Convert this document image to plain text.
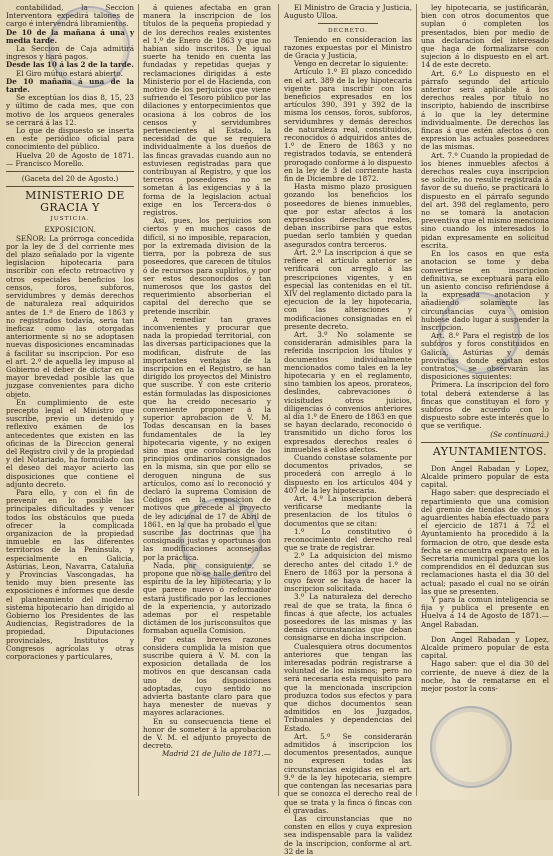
contabilidad, la Seccion Interventora expedirá talones de cargo é intervendrá libramientos.

De 10 de la mañana á una y media tarde.

La Seccion de Caja admitirá ingresos y hará pagos.

Desde las 10 á las 2 de la tarde.

El Giro mútuo estará abierto.

De 10 mañana á una de la tarde.

Se exceptúan los dias 8, 15, 23 y último de cada mes, que con motivo de los arqueos generales se cerrará á las 12.

Lo que de dispuesto se inserta en este periódico oficial para conocimiento del público.

Huelva 20 de Agosto de 1871. — Francisco Morello.

(Gaceta del 20 de Agosto.)

MINISTERIO DE GRACIA Y

JUSTICIA.

EXPOSICION.

SEÑOR: La prórroga concedida por la ley de 3 del corriente mes del plazo señalado por la vigente legislacion hipotecaria para inscribir con efecto retroactivo y otros especiales beneficios los censos, foros, subforos, servidumbres y demás derechos de naturaleza real adquiridos antes de 1.º de Enero de 1863 y no registrados todavía, seria tan ineficaz como las otorgadas anteriormente si no se adoptasen nuevas disposiciones encaminadas á facilitar su inscripcion. Por eso el art. 2.º de aquella ley impuso al Gobierno el deber de dictar en la mayor brevedad posible las que juzgase convenientes para dicho objeto.

En cumplimiento de este precepto legal el Ministro que suscribe, previo un detenido y reflexivo exámen de los antecedentes que existen en las oficinas de la Direccion general del Registro civil y de la propiedad y del Notariado, ha formulado con el deseo del mayor acierto las disposiciones que contiene el adjunto decreto.

Para ello, y con el fin de prevenir en lo posible las principales dificultades y vencer todos los obstáculos que pueda ofrecer la complicada organizacion de la propiedad inmueble en las diferentes territorios de la Península, y especialmente en Galicia, Astúrias, Leon, Navarra, Cataluña y Provincias Vascongadas, ha tenido muy bien presente las exposiciones é informes que desde el planteamiento del moderno sistema hipotecario han dirigido al Gobierno los Presidentes de las Audiencias, Registradores de la propiedad, Diputaciones provinciales, Institutos y Congresos agrícolas y otras corporaciones y particulares,

á quienes afectaba en gran manera la inscripcion de los títulos de la pequeña propiedad y de los derechos reales existentes el 1.º de Enero de 1863 y que no habian sido inscritos. De igual suerte ha tenido en cuenta las fundadas y repetidas quejas y reclamaciones dirigidas á este Ministerio por el de Hacienda, con motivo de los perjuicios que viene sufriendo el Tesoro público por las dilaciones y entorpecimientos que ocasiona á los cobros de los censos y servidumbres pertenecientes al Estado, la necesidad de que se requiera individualmente á los dueños de las fincas gravadas cuando aun no estuviesen registradas para que contribuyan al Registro, y que los terceros poseedores no se sometan á las exigencias y á la forma de la legislacion actual exige en los Tercera-dos ó registros.

Así, pues, los perjuicios son ciertos y en muchos casos de difícil, si no imposible, reparacion, por la extremada division de la tierra, por la pobreza de sus poseedores, que carecen de títulos ó de recursos para suplirlos, y por ser estos desconocidos ó tan numerosos que los gastos del requerimiento absorberian el capital del derecho que se pretende inscribir.

A remediar tan graves inconvenientes y procurar que nada la propiedad territorial, con las diversas participaciones que la modifican, disfrute de las importantes ventajas de la inscripcion en el Registro, se han dirigido los proyectos del Ministro que suscribe. Y con este criterio están formuladas las disposiciones que ha creido necesario y conveniente proponer á la superior aprobacion de V. M. Todas descansan en la bases fundamentales de la ley hipotecaria vigente, y no exigen sino mas que corolarios de los principios ordinarios consignados en la misma, sin que por ello se deroguen ninguna de sus artículos, como así lo reconoció y declaró la suprema Comision de Códigos en la exposicion de motivos que precede al proyecto de ley adicional de 17 de Abril de 1861, en la que ha probado el que suscribe las doctrinas que ha consignado justas y oportunas con las modificaciones aconsejadas por la práctica.

Nada, por consiguiente, se propone que no se halle dentro del espíritu de la ley hipotecaria; y lo que parece nuevo ó reformador estará justificado por las lecciones de la experiencia, y autorizado ademas por el respetable dictámen de los jurisconsultos que formaban aquella Comision.

Por estas breves razones considera cumplida la mision que suscribe quiera á V. M. con la exposicion detallada de los motivos en que descansan cada uno de los disposiciones adoptadas, cuyo sentido no advierta bastante claro para que haya menester de nuevas y mayores aclaraciones.

En su consecuencia tiene el honor de someter á la aprobacion de V. M. el adjunto proyecto de decreto.

Madrid 21 de Julio de 1871.—

El Ministro de Gracia y Justicia, Augusto Ulloa.

DECRETO.

Teniendo en consideracion las razones expuestas por el Ministro de Gracia y Justicia,

Vengo en decretar lo siguiente:

Artículo 1.º El plazo concedido en el art. 389 de la ley hipotecaria vigente para inscribir con los beneficios expresados en los artículos 390, 391 y 392 de la misma los censos, foros, subforos, servidumbres y demás derechos de naturaleza real, constituidos, reconocidos ó adquiridos antes de 1.º de Enero de 1863 y no registrados todavía, se entenderá prorogado conforme á lo dispuesto en la ley de 3 del corriente hasta fin de Diciembre de 1872.

Hasta mismo plazo prosiguen gozando los beneficios los poseedores de bienes inmuebles, que por estar afectos á los expresados derechos reales, deban inscribirse para que estos puedan serlo también y quedan asegurados contra terceros.

Art. 2.º La inscripcion á que se refiere el artículo anterior se verificará con arreglo á las prescripciones vigentes, y en especial las contenidas en el tít. XIV del reglamento dictado para la ejecucion de la ley hipotecaria, con las alteraciones y modificaciones consignadas en el presente decreto.

Art. 3.º No solamente se considerarán admisibles para la referida inscripcion los títulos y documentos individualmente mencionados como tales en la ley hipotecaria y en el reglamento, sino tambien los apeos, prorateos, deslindes, cabrevaciones ó vicisitudes otros juicios, diligencias ó convenios anteriores al día 1.º de Enero de 1863 en que se hayan declarado, reconocido ó transmitido un dicho foros los expresados derechos reales ó inmuebles á ellos afectos.

Cuando constase solamente por documentos privados, se procederá con arreglo á lo dispuesto en los artículos 404 y 407 de la ley hipotecaria.

Art. 4.º La inscripcion deberá verificarse mediante la presentacion de los títulos ó documentos que se citan:

1.º Lo constitutivo ó reconocimiento del derecho real que se trate de registrar.

2.º La adquisicion del mismo derecho antes del citado 1.º de Enero de 1863 por la persona á cuyo favor se haya de hacer la inscripcion solicitada.

3.º La naturaleza del derecho real de que se trata, la finca ó fincas á que afecte, los actuales poseedores de las mismas y las demás circunstancias que deban consignarse en dicha inscripcion.

Cualesquiera otros documentos anteriores que tengan las interesadas podrán registrarse á voluntad de los mismos; pero no será necesaria esta requisito para que la mencionada inscripcion produzca todos sus efectos y para que dichos documentos sean admitidos en los Juzgados, Tribunales y dependencias del Estado.

Art. 5.º Se considerarán admitidos á inscripcion los documentos presentados, aunque no expresen todas las circunstancias exigidas en el art. 9.º de la ley hipotecaria, siempre que contengan las necesarias para que se conozca el derecho real de que se trata y la finca ó fincas con él gravadas.

Las circunstancias que no consten en ellos y cuya expresion sea indispensable para la validez de la inscripcion, conforme al art. 32 de la

ley hipotecaria, se justificarán, bien con otros documentos que suplan ó completen los presentados, bien por medio de una declaracion del interesado que haga de formalizarse con sujecion á lo dispuesto en el art. 14 de este decreto.

Art. 6.º Lo dispuesto en el párrafo segundo del artículo anterior será aplicable á los derechos reales por título no inscripto, habiendo de inscribirse á lo que la ley determine individualmente. De derechos las fincas á que estén afectos ó con expresion las actuales poseedores de las mismas.

Art. 7.º Cuando la propiedad de los bienes inmuebles afectos á derechos reales cuya inscripcion se solicite, no resulte registrada á favor de su dueño, se practicará lo dispuesto en el párrafo segundo del art. 398 del reglamento, pero no se tomará la anotacion preventiva que el mismo menciona sino cuando los interesados lo pidan expresamente en solicitud escrita.

En los casos en que esta anotacion se tome y deba convertirse en inscripcion definitiva, se exceptuará para ello un asiento conciso refiriéndose á la expresada anotacion y añadiendo solamente las circunstancias cuya omision hubiese dado lugar á suspender la inscripcion.

Art. 8.º Para el registro de los subforos y foros constituidos en Galicia, Astúrias y demás provincias donde existan estos contratos, se observarán las disposiciones siguientes:

Primera. La inscripcion del foro total deberá extenderse á las fincas que constituyan el foro y subforos de acuerdo con lo dispuesto sobre este interés que lo que se verifique.

(Se continuará.)

AYUNTAMIENTOS.

Don Angel Rabadan y Lopez, Alcalde primero popular de esta capital.

Hago saber: que despreciado el repartimiento que una comision del gremio de tiendas de vinos y aguardientes había efectuado para el ejercicio de 1871 á 72 el Ayuntamiento ha procedido á la formacion de otro, que desde esta fecha se encuentra expuesto en la Secretaria municipal para que los comprendidos en él deduzcan sus reclamaciones hasta el dia 30 del actual; pasado el cual no se oirán las que se presenten.

Y para la comun inteligencia se fija y publica el presente en Huelva á 14 de Agosto de 1871.—Angel Rabadan.

Don Angel Rabadan y Lopez, Alcalde primero popular de esta capital.

Hago saber: que el dia 30 del corriente, de nueve á diez de la noche, ha de rematarse en el mejor postor la cons-
